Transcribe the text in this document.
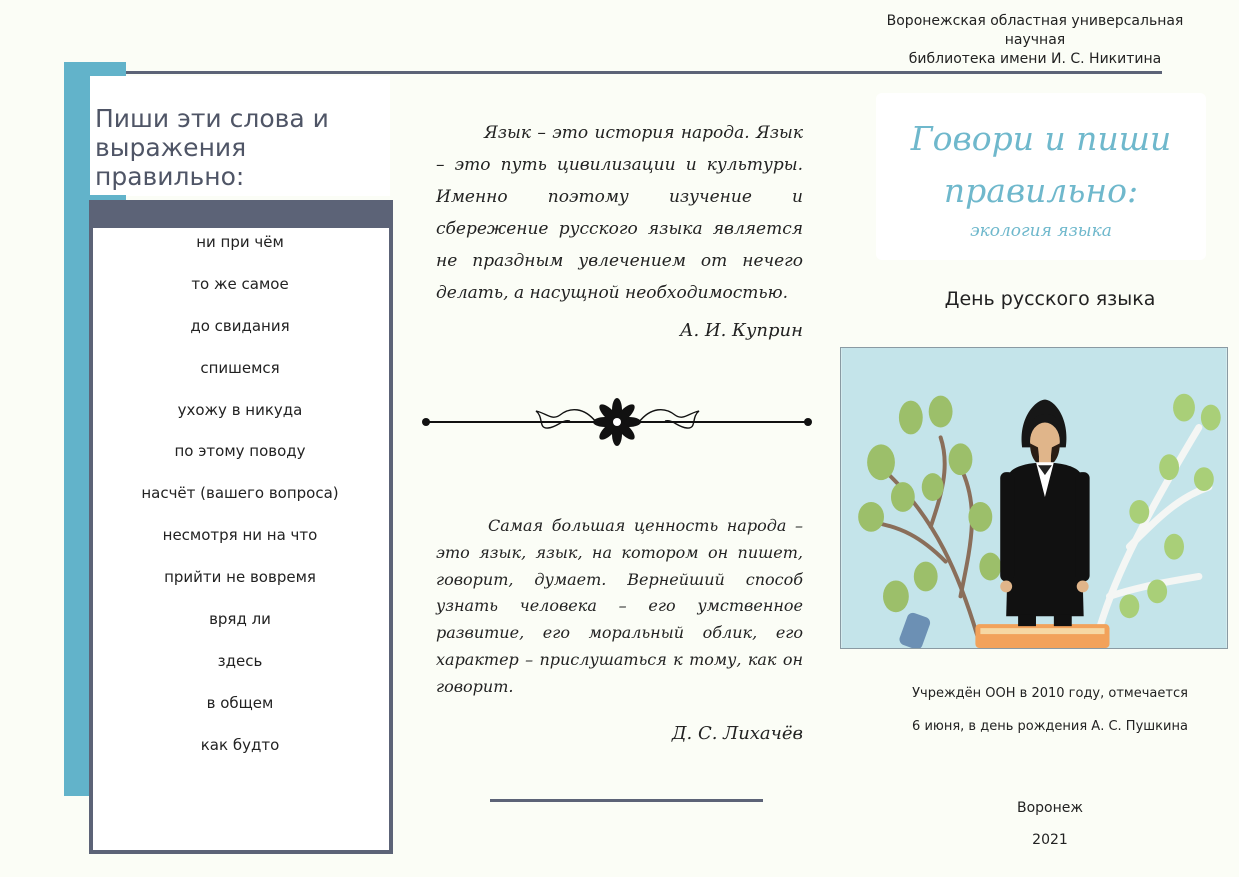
Воронежская областная универсальная научная
библиотека имени И. С. Никитина
Пиши эти слова и
выражения правильно:
ни при чём
то же самое
до свидания
спишемся
ухожу в никуда
по этому поводу
насчёт (вашего вопроса)
несмотря ни на что
прийти не вовремя
вряд ли
здесь
в общем
как будто
Язык – это история народа. Язык – это путь цивилизации и культуры. Именно поэтому изучение и сбережение русского языка является не праздным увлечением от нечего делать, а насущной необходимостью.
А. И. Куприн
Самая большая ценность народа – это язык, язык, на котором он пишет, говорит, думает. Вернейший способ узнать человека – его умственное развитие, его моральный облик, его характер – прислушаться к тому, как он говорит.
Д. С. Лихачёв
Говори и пиши
правильно:
экология языка
День русского языка
Учреждён ООН в 2010 году, отмечается
6 июня, в день рождения А. С. Пушкина
Воронеж
2021
